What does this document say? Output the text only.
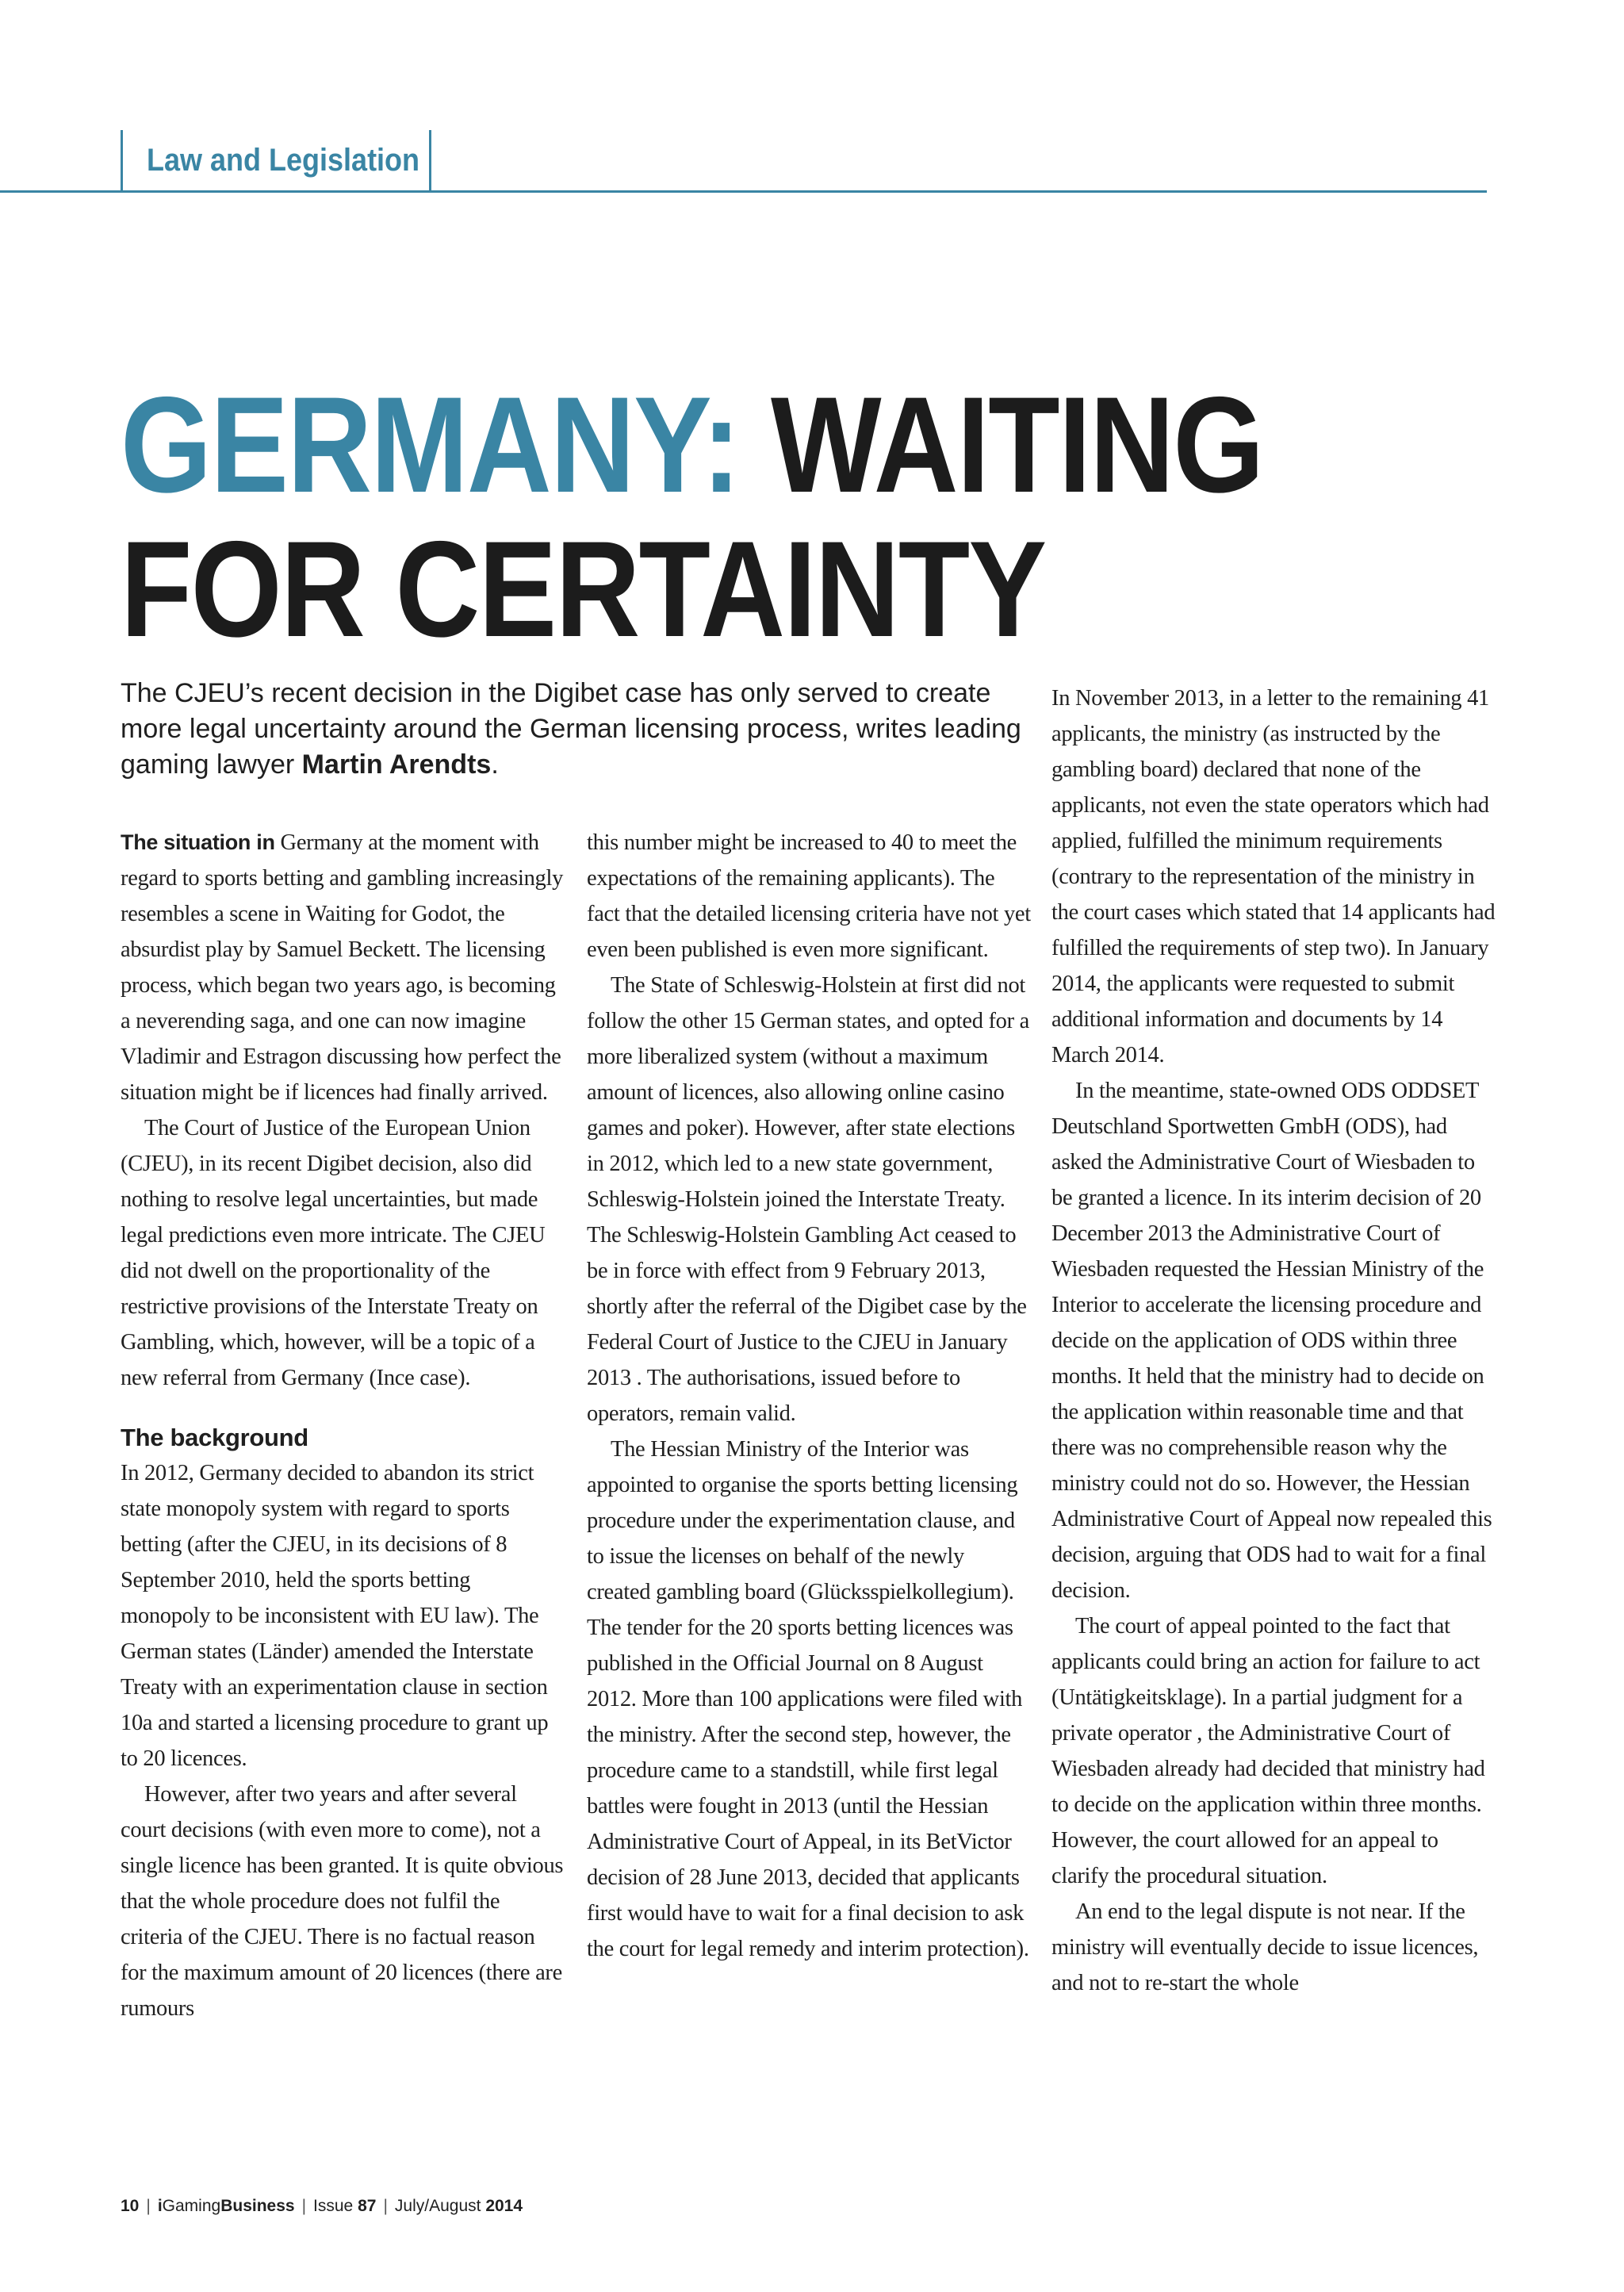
Law and Legislation
GERMANY: WAITING
FOR CERTAINTY

The CJEU’s recent decision in the Digibet case has only served to create more legal uncertainty around the German licensing process, writes leading gaming lawyer Martin Arendts.

The situation in Germany at the moment with regard to sports betting and gambling increasingly resembles a scene in Waiting for Godot, the absurdist play by Samuel Beckett. The licensing process, which began two years ago, is becoming a neverending saga, and one can now imagine Vladimir and Estragon discussing how perfect the situation might be if licences had finally arrived.

The Court of Justice of the European Union (CJEU), in its recent Digibet decision, also did nothing to resolve legal uncertainties, but made legal predictions even more intricate. The CJEU did not dwell on the proportionality of the restrictive provisions of the Interstate Treaty on Gambling, which, however, will be a topic of a new referral from Germany (Ince case).

The background

In 2012, Germany decided to abandon its strict state monopoly system with regard to sports betting (after the CJEU, in its decisions of 8 September 2010, held the sports betting monopoly to be inconsistent with EU law). The German states (Länder) amended the Interstate Treaty with an experimentation clause in section 10a and started a licensing procedure to grant up to 20 licences.

However, after two years and after several court decisions (with even more to come), not a single licence has been granted. It is quite obvious that the whole procedure does not fulfil the criteria of the CJEU. There is no factual reason for the maximum amount of 20 licences (there are rumours

this number might be increased to 40 to meet the expectations of the remaining applicants). The fact that the detailed licensing criteria have not yet even been published is even more significant.

The State of Schleswig-Holstein at first did not follow the other 15 German states, and opted for a more liberalized system (without a maximum amount of licences, also allowing online casino games and poker). However, after state elections in 2012, which led to a new state government, Schleswig-Holstein joined the Interstate Treaty. The Schleswig-Holstein Gambling Act ceased to be in force with effect from 9 February 2013, shortly after the referral of the Digibet case by the Federal Court of Justice to the CJEU in January 2013 . The authorisations, issued before to operators, remain valid.

The Hessian Ministry of the Interior was appointed to organise the sports betting licensing procedure under the experimentation clause, and to issue the licenses on behalf of the newly created gambling board (Glücksspielkollegium). The tender for the 20 sports betting licences was published in the Official Journal on 8 August 2012. More than 100 applications were filed with the ministry. After the second step, however, the procedure came to a standstill, while first legal battles were fought in 2013 (until the Hessian Administrative Court of Appeal, in its BetVictor decision of 28 June 2013, decided that applicants first would have to wait for a final decision to ask the court for legal remedy and interim protection).

In November 2013, in a letter to the remaining 41 applicants, the ministry (as instructed by the gambling board) declared that none of the applicants, not even the state operators which had applied, fulfilled the minimum requirements (contrary to the representation of the ministry in the court cases which stated that 14 applicants had fulfilled the requirements of step two). In January 2014, the applicants were requested to submit additional information and documents by 14 March 2014.

In the meantime, state-owned ODS ODDSET Deutschland Sportwetten GmbH (ODS), had asked the Administrative Court of Wiesbaden to be granted a licence. In its interim decision of 20 December 2013 the Administrative Court of Wiesbaden requested the Hessian Ministry of the Interior to accelerate the licensing procedure and decide on the application of ODS within three months. It held that the ministry had to decide on the application within reasonable time and that there was no comprehensible reason why the ministry could not do so. However, the Hessian Administrative Court of Appeal now repealed this decision, arguing that ODS had to wait for a final decision.

The court of appeal pointed to the fact that applicants could bring an action for failure to act (Untätigkeitsklage). In a partial judgment for a private operator , the Administrative Court of Wiesbaden already had decided that ministry had to decide on the application within three months. However, the court allowed for an appeal to clarify the procedural situation.

An end to the legal dispute is not near. If the ministry will eventually decide to issue licences, and not to re-start the whole

10 | iGamingBusiness | Issue 87 | July/August 2014
